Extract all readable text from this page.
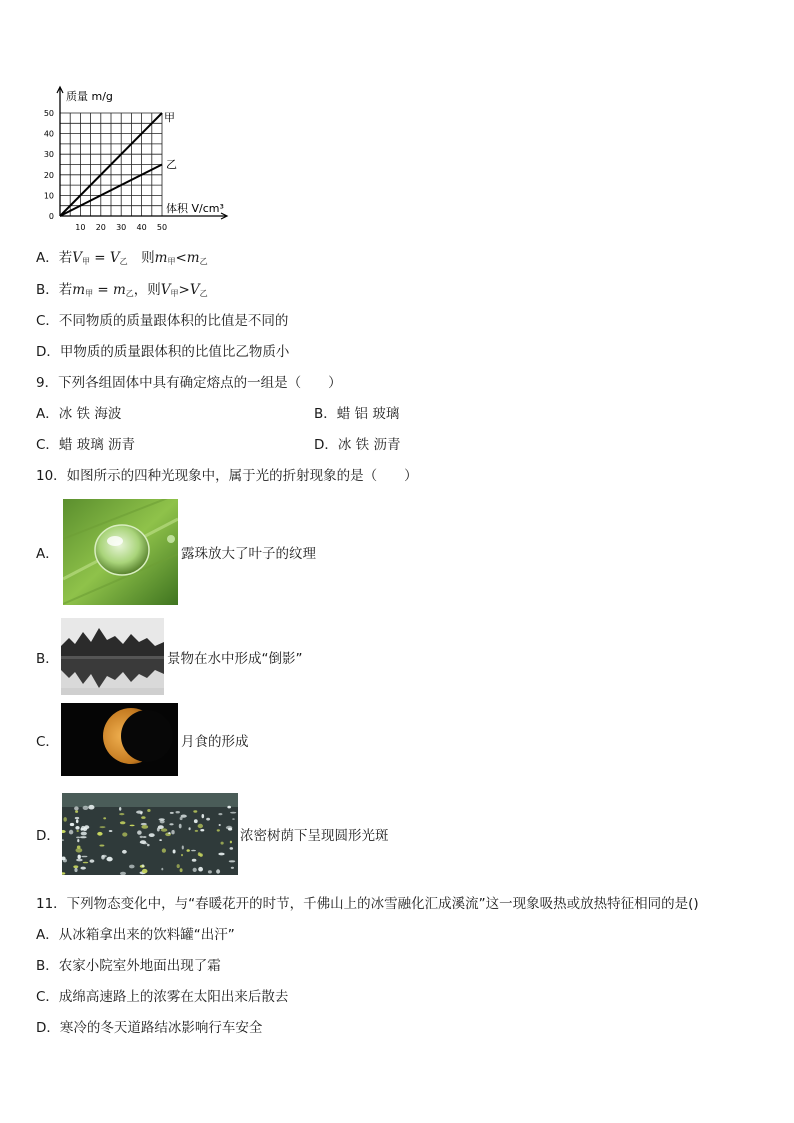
10 20 30 40 50
0
10
20
30
40
50
质量 m/g
体积 V/cm³
甲
乙
A．若$V_甲 = V_乙$　则$m_甲<m_乙$
B．若$m_甲 = m_乙$，则$V_甲>V_乙$
C．不同物质的质量跟体积的比值是不同的
D．甲物质的质量跟体积的比值比乙物质小
9．下列各组固体中具有确定熔点的一组是（　　）
A．冰 铁 海波	B．蜡 铝 玻璃
C．蜡 玻璃 沥青	D．冰 铁 沥青
10．如图所示的四种光现象中，属于光的折射现象的是（　　）
A．	露珠放大了叶子的纹理
B．	景物在水中形成“倒影”
C．	月食的形成
D．	浓密树荫下呈现圆形光斑
11．下列物态变化中，与“春暖花开的时节，千佛山上的冰雪融化汇成溪流”这一现象吸热或放热特征相同的是()
A．从冰箱拿出来的饮料罐“出汗”
B．农家小院室外地面出现了霜
C．成绵高速路上的浓雾在太阳出来后散去
D．寒冷的冬天道路结冰影响行车安全
